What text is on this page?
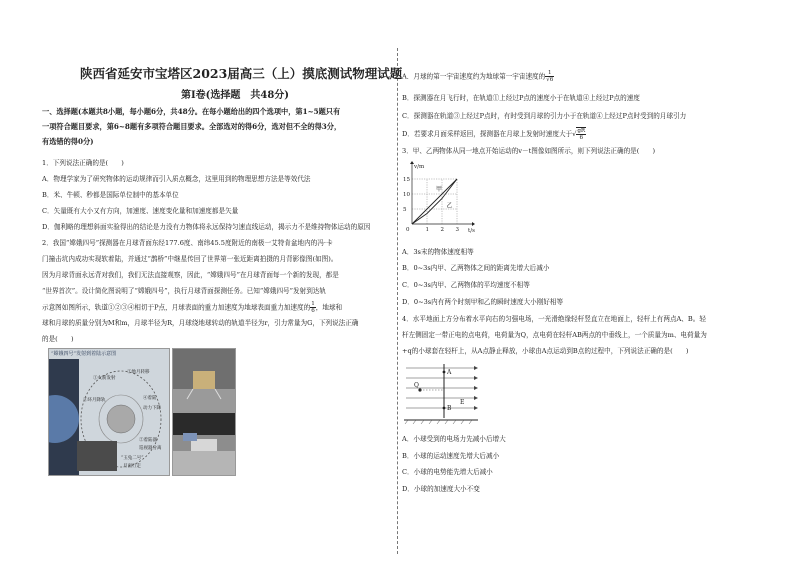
陕西省延安市宝塔区2023届高三（上）摸底测试物理试题
第Ⅰ卷(选择题　共48分)
一、选择题(本题共8小题，每小题6分，共48分。在每小题给出的四个选项中，第1~5题只有
一项符合题目要求，第6~8题有多项符合题目要求。全部选对的得6分，选对但不全的得3分，
有选错的得0分)
1．下列说法正确的是(　　)
A．物理学家为了研究物体的运动规律而引入质点概念，这里用到的物理思想方法是等效代法
B．米、牛顿、秒都是国际单位制中的基本单位
C．矢量既有大小又有方向，加速度、速度变化量和加速度都是矢量
D．伽利略的理想斜面实验得出的结论是力没有力物体将永远保持匀速直线运动，揭示力不是维持物体运动的原因
2．我国“嫦娥四号”探测器在月球背面东经177.6度、南纬45.5度附近的南极一艾特肯盆地内的冯·卡
门撞击坑内成功实现软着陆，并通过“鹊桥”中继星传回了世界第一张近距离拍摄的月背影像图(如图)。
因为月球背面永远背对我们，我们无法直接观察，因此，“嫦娥四号”在月球背面每一个新的发现，都是
“世界首次”。设计简化图说明了“嫦娥四号”，执行月球背面探测任务。已知“嫦娥四号”发射到达轨
示意图如图所示，轨道①②③④相切于P点，月球表面的重力加速度为地球表面重力加速度的 $\frac{1}{6}$ ，地球和
球和月球的质量分别为M和m，月球半径为R，月球绕地球转动的轨道半径为r，引力常量为G，下列说法正确
的是(　　)
“嫦娥四号”发射到着陆示意图
①火箭发射
②地月转移
③环月降轨	④着陆
动力下降
②着陆器
巡视器分离
“玉兔二号”
月面行走
A．月球的第一宇宙速度约为地球第一宇宙速度的 $\frac{1}{√6}$
B．探测器在月飞行时，在轨道①上经过P点的速度小于在轨道④上经过P点的速度
C．探测器在轨道③上经过P点时，有时受到月球的引力小于在轨道④上经过P点时受到的月球引力
D．若要求月面采样返回，探测器在月球上发射时速度大于√ $\frac{gR}{6}$
3．甲、乙两物体从同一地点开始运动的v－t图像如图所示，则下列说法正确的是(　　)
t/s
v/m
0	1 2 3
5
10
15
甲
乙
A．3s末的物体速度相等
B．0~3s内甲、乙两物体之间的距离先增大后减小
C．0~3s内甲、乙两物体的平均速度不相等
D．0~3s内有两个时刻甲和乙的瞬时速度大小刚好相等
4．水平地面上方分布着水平向右的匀强电场，一光滑绝缘轻杆竖直立在地面上，轻杆上有两点A、B。轻
杆左侧固定一带正电的点电荷，电荷量为Q，点电荷在轻杆AB两点的中垂线上，一个质量为m、电荷量为
+q的小球套在轻杆上，从A点静止释放，小球由A点运动到B点的过程中，下列说法正确的是(　　)
A
B
Q
E
A．小球受到的电场力先减小后增大
B．小球的运动速度先增大后减小
C．小球的电势能先增大后减小
D．小球的加速度大小不变
